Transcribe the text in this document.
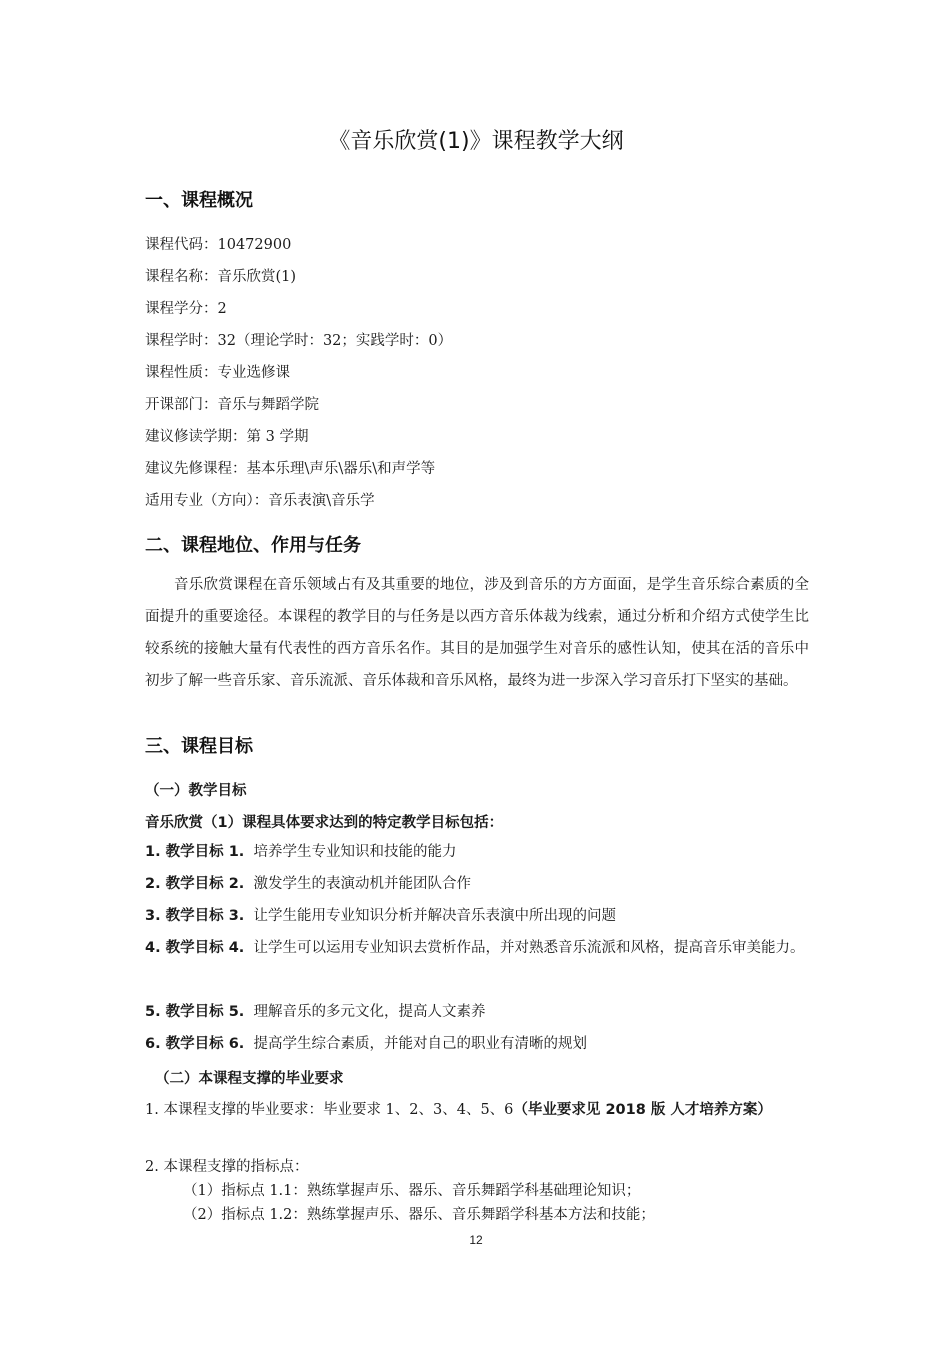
《音乐欣赏(1)》课程教学大纲
一、课程概况
课程代码：10472900
课程名称：音乐欣赏(1)
课程学分：2
课程学时：32（理论学时：32；实践学时：0）
课程性质：专业选修课
开课部门：音乐与舞蹈学院
建议修读学期：第 3 学期
建议先修课程：基本乐理\声乐\器乐\和声学等
适用专业（方向）：音乐表演\音乐学
二、课程地位、作用与任务
音乐欣赏课程在音乐领域占有及其重要的地位，涉及到音乐的方方面面，是学生音乐综合素质的全面提升的重要途径。本课程的教学目的与任务是以西方音乐体裁为线索，通过分析和介绍方式使学生比较系统的接触大量有代表性的西方音乐名作。其目的是加强学生对音乐的感性认知，使其在活的音乐中初步了解一些音乐家、音乐流派、音乐体裁和音乐风格，最终为进一步深入学习音乐打下坚实的基础。
三、课程目标
（一）教学目标
音乐欣赏（1）课程具体要求达到的特定教学目标包括：
1. 教学目标 1. 培养学生专业知识和技能的能力
2. 教学目标 2. 激发学生的表演动机并能团队合作
3. 教学目标 3. 让学生能用专业知识分析并解决音乐表演中所出现的问题
4. 教学目标 4. 让学生可以运用专业知识去赏析作品，并对熟悉音乐流派和风格，提高音乐审美能力。
5. 教学目标 5. 理解音乐的多元文化，提高人文素养
6. 教学目标 6. 提高学生综合素质，并能对自己的职业有清晰的规划
（二）本课程支撑的毕业要求
1. 本课程支撑的毕业要求：毕业要求 1、2、3、4、5、6（毕业要求见 2018 版 人才培养方案）
2. 本课程支撑的指标点：
（1）指标点 1.1：熟练掌握声乐、器乐、音乐舞蹈学科基础理论知识；
（2）指标点 1.2：熟练掌握声乐、器乐、音乐舞蹈学科基本方法和技能；
12
